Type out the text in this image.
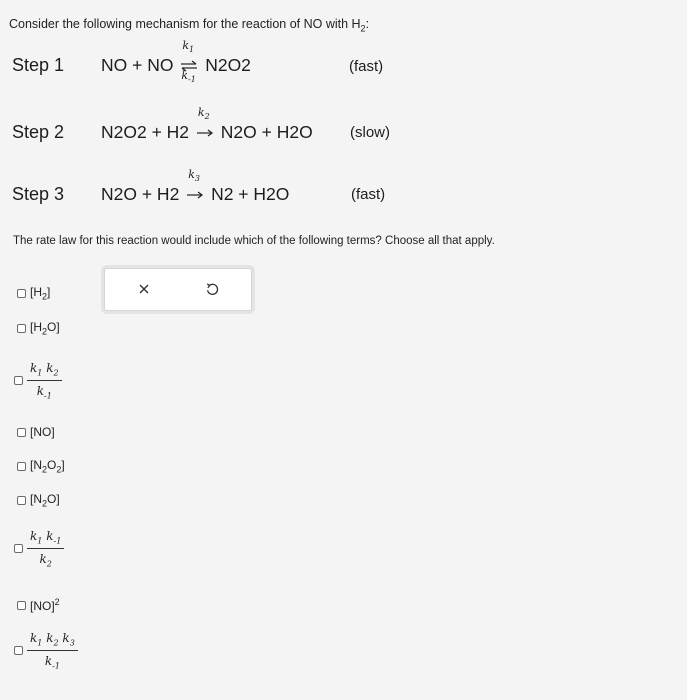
Consider the following mechanism for the reaction of NO with $H_2$:
Step 1 NO + NO
$k_1$
$k_{-1}$
N2O2	(fast)
Step 2 N2O2 + H2
$k_2$
N2O + H2O (slow)
Step 3 N2O + H2
$k_3$
N2 + H2O	(fast)
The rate law for this reaction would include which of the following terms? Choose all that apply.
$[H_2]$
$[H_2O]$
$\frac{k_1 k_2}{k_{-1}}$
[NO]
$[N_2O_2]$
$[N_2O]$
$\frac{k_1 k_{-1}}{k_2}$
[NO]$^2$
$\frac{k_1 k_2 k_3}{k_{-1}}$
